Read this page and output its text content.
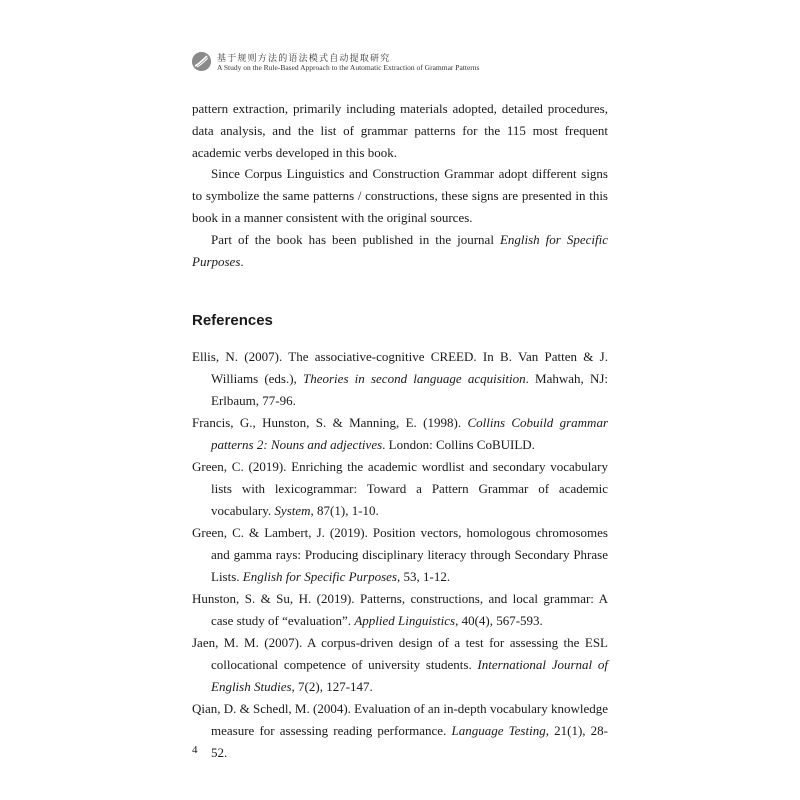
基于规则方法的语法模式自动提取研究
A Study on the Rule-Based Approach to the Automatic Extraction of Grammar Patterns

pattern extraction, primarily including materials adopted, detailed procedures, data analysis, and the list of grammar patterns for the 115 most frequent academic verbs developed in this book.

Since Corpus Linguistics and Construction Grammar adopt different signs to symbolize the same patterns / constructions, these signs are presented in this book in a manner consistent with the original sources.

Part of the book has been published in the journal English for Specific Purposes.

References

Ellis, N. (2007). The associative-cognitive CREED. In B. Van Patten & J. Williams (eds.), Theories in second language acquisition. Mahwah, NJ: Erlbaum, 77-96.

Francis, G., Hunston, S. & Manning, E. (1998). Collins Cobuild grammar patterns 2: Nouns and adjectives. London: Collins CoBUILD.

Green, C. (2019). Enriching the academic wordlist and secondary vocabulary lists with lexicogrammar: Toward a Pattern Grammar of academic vocabulary. System, 87(1), 1-10.

Green, C. & Lambert, J. (2019). Position vectors, homologous chromosomes and gamma rays: Producing disciplinary literacy through Secondary Phrase Lists. English for Specific Purposes, 53, 1-12.

Hunston, S. & Su, H. (2019). Patterns, constructions, and local grammar: A case study of “evaluation”. Applied Linguistics, 40(4), 567-593.

Jaen, M. M. (2007). A corpus-driven design of a test for assessing the ESL collocational competence of university students. International Journal of English Studies, 7(2), 127-147.

Qian, D. & Schedl, M. (2004). Evaluation of an in-depth vocabulary knowledge measure for assessing reading performance. Language Testing, 21(1), 28-52.

4
